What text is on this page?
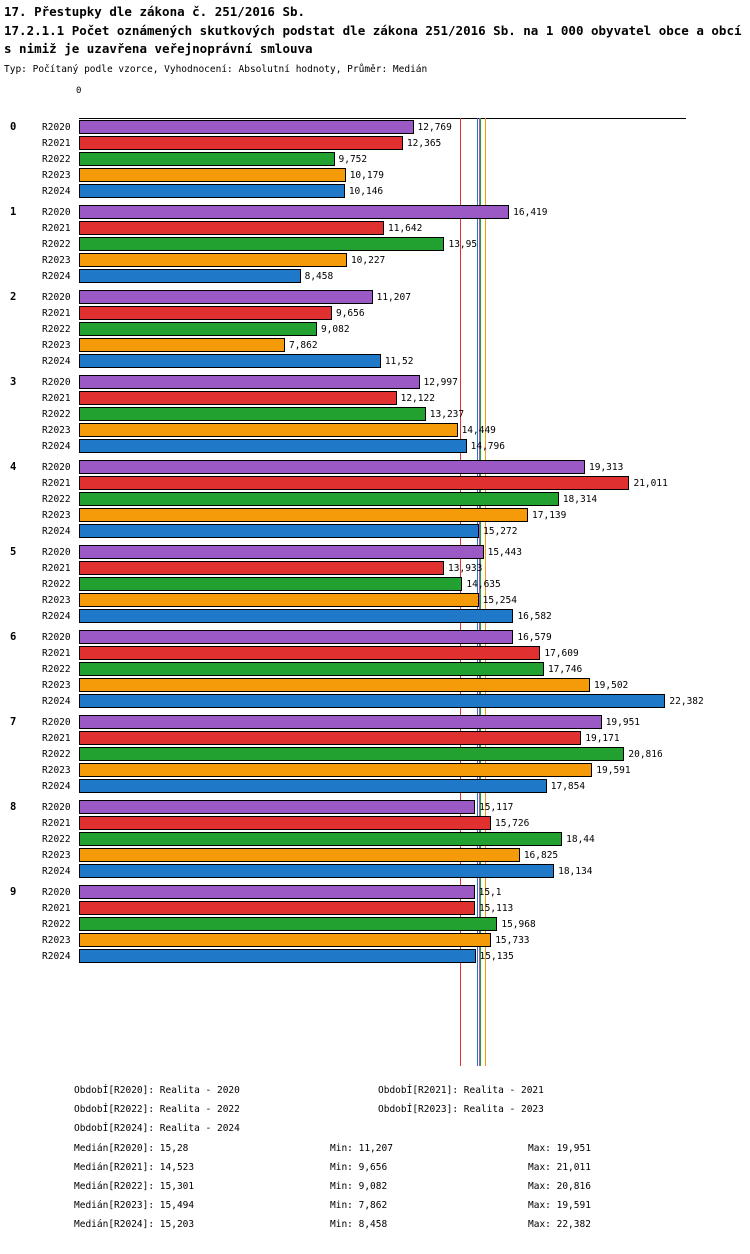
17. Přestupky dle zákona č. 251/2016 Sb.
17.2.1.1 Počet oznámených skutkových podstat dle zákona 251/2016 Sb. na 1 000 obyvatel obce a obcí s nimiž je uzavřena veřejnoprávní smlouva
Typ: Počítaný podle vzorce, Vyhodnocení: Absolutní hodnoty, Průměr: Medián
0
0	R2020	12,769
R2021	12,365
R2022	9,752
R2023	10,179
R2024	10,146
1	R2020	16,419
R2021	11,642
R2022	13,95
R2023	10,227
R2024	8,458
2	R2020	11,207
R2021	9,656
R2022	9,082
R2023	7,862
R2024	11,52
3	R2020	12,997
R2021	12,122
R2022	13,237
R2023	14,449
R2024	14,796
4	R2020	19,313
R2021	21,011
R2022	18,314
R2023	17,139
R2024	15,272
5	R2020	15,443
R2021	13,933
R2022	14,635
R2023	15,254
R2024	16,582
6	R2020	16,579
R2021	17,609
R2022	17,746
R2023	19,502
R2024	22,382
7	R2020	19,951
R2021	19,171
R2022	20,816
R2023	19,591
R2024	17,854
8	R2020	15,117
R2021	15,726
R2022	18,44
R2023	16,825
R2024	18,134
9	R2020	15,1
R2021	15,113
R2022	15,968
R2023	15,733
R2024	15,135
ObdobÍ[R2020]: Realita - 2020	ObdobÍ[R2021]: Realita - 2021
ObdobÍ[R2022]: Realita - 2022	ObdobÍ[R2023]: Realita - 2023
ObdobÍ[R2024]: Realita - 2024
Medián[R2020]: 15,28	Min: 11,207	Max: 19,951
Medián[R2021]: 14,523	Min: 9,656	Max: 21,011
Medián[R2022]: 15,301	Min: 9,082	Max: 20,816
Medián[R2023]: 15,494	Min: 7,862	Max: 19,591
Medián[R2024]: 15,203	Min: 8,458	Max: 22,382
